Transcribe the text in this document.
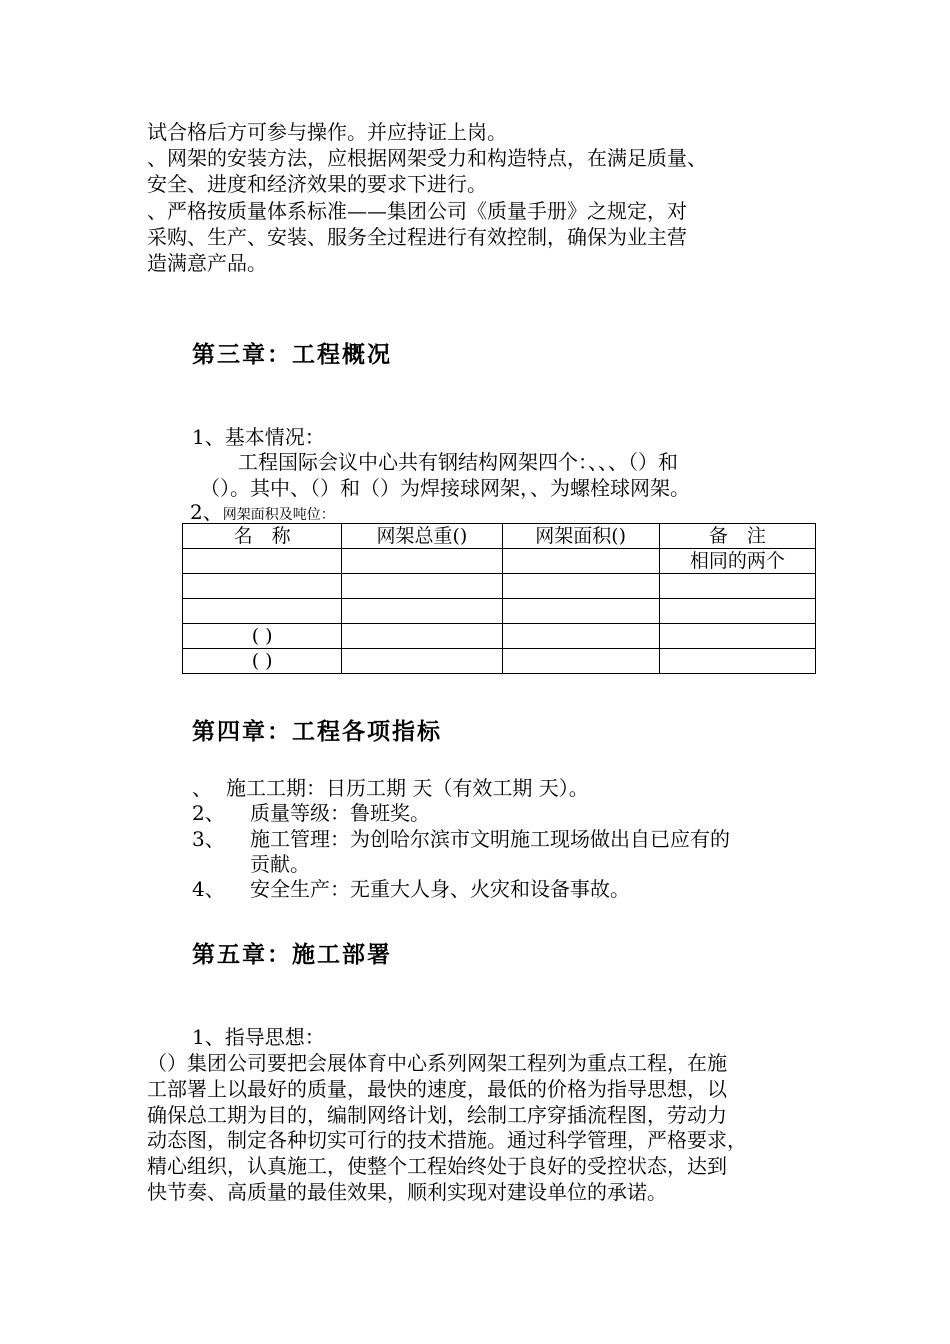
试合格后方可参与操作。并应持证上岗。
、网架的安装方法，应根据网架受力和构造特点，在满足质量、
安全、进度和经济效果的要求下进行。
、严格按质量体系标准——集团公司《质量手册》之规定，对
采购、生产、安装、服务全过程进行有效控制，确保为业主营
造满意产品。
第三章：工程概况
1、基本情况：
工程国际会议中心共有钢结构网架四个：、、、（）和
（）。其中、（）和（）为焊接球网架，、为螺栓球网架。
2、网架面积及吨位：
名　称	网架总重()	网架面积()	备　注
			相同的两个

( )			
( )			
第四章：工程各项指标
、 施工工期：日历工期 天（有效工期 天）。
2、 质量等级：鲁班奖。
3、 施工管理：为创哈尔滨市文明施工现场做出自已应有的
贡献。
4、 安全生产：无重大人身、火灾和设备事故。
第五章：施工部署
1、指导思想：
（）集团公司要把会展体育中心系列网架工程列为重点工程，在施
工部署上以最好的质量，最快的速度，最低的价格为指导思想，以
确保总工期为目的，编制网络计划，绘制工序穿插流程图，劳动力
动态图，制定各种切实可行的技术措施。通过科学管理，严格要求，
精心组织，认真施工，使整个工程始终处于良好的受控状态，达到
快节奏、高质量的最佳效果，顺利实现对建设单位的承诺。
